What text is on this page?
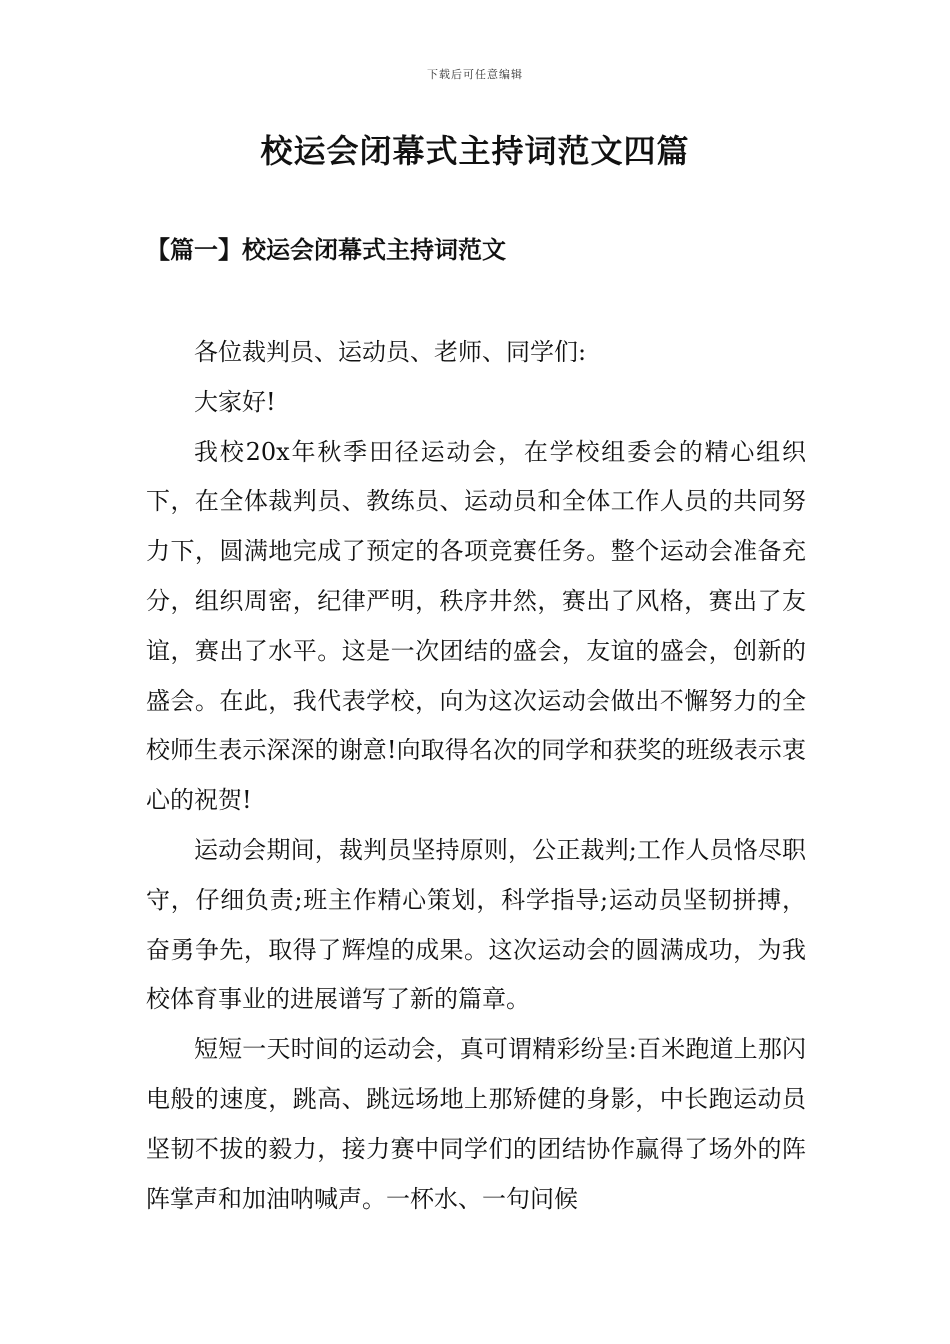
下载后可任意编辑
校运会闭幕式主持词范文四篇
【篇一】校运会闭幕式主持词范文

各位裁判员、运动员、老师、同学们:

大家好!

我校20x年秋季田径运动会，在学校组委会的精心组织下，在全体裁判员、教练员、运动员和全体工作人员的共同努力下，圆满地完成了预定的各项竞赛任务。整个运动会准备充分，组织周密，纪律严明，秩序井然，赛出了风格，赛出了友谊，赛出了水平。这是一次团结的盛会，友谊的盛会，创新的盛会。在此，我代表学校，向为这次运动会做出不懈努力的全校师生表示深深的谢意!向取得名次的同学和获奖的班级表示衷心的祝贺!

运动会期间，裁判员坚持原则，公正裁判;工作人员恪尽职守，仔细负责;班主作精心策划，科学指导;运动员坚韧拼搏，奋勇争先，取得了辉煌的成果。这次运动会的圆满成功，为我校体育事业的进展谱写了新的篇章。

短短一天时间的运动会，真可谓精彩纷呈:百米跑道上那闪电般的速度，跳高、跳远场地上那矫健的身影，中长跑运动员坚韧不拔的毅力，接力赛中同学们的团结协作赢得了场外的阵阵掌声和加油呐喊声。一杯水、一句问候
